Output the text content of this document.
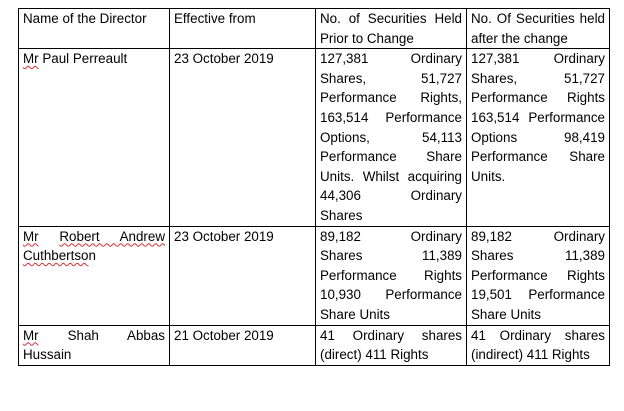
Name of the Director	Effective from	No. of Securities Held Prior to Change	No. Of Securities held after the change
Mr Paul Perreault	23 October 2019	127,381 Ordinary Shares, 51,727 Performance Rights, 163,514 Performance Options, 54,113 Performance Share Units. Whilst acquiring 44,306 Ordinary Shares	127,381 Ordinary Shares, 51,727 Performance Rights 163,514 Performance Options 98,419 Performance Share Units.
Mr Robert Andrew Cuthbertson	23 October 2019	89,182 Ordinary Shares 11,389 Performance Rights 10,930 Performance Share Units	89,182 Ordinary Shares 11,389 Performance Rights 19,501 Performance Share Units
Mr Shah Abbas Hussain	21 October 2019	41 Ordinary shares (direct) 411 Rights	41 Ordinary shares (indirect) 411 Rights
